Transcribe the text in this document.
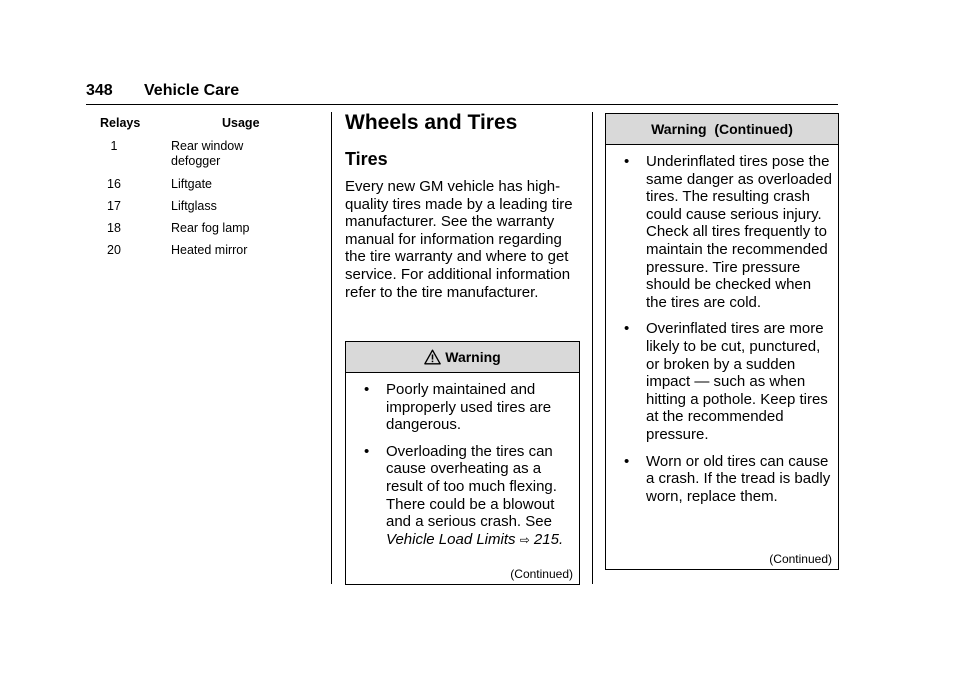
348 Vehicle Care
Relays	Usage
1	Rear window defogger
16	Liftgate
17	Liftglass
18	Rear fog lamp
20	Heated mirror
Wheels and Tires
Tires

Every new GM vehicle has high-quality tires made by a leading tire manufacturer. See the warranty manual for information regarding the tire warranty and where to get service. For additional information refer to the tire manufacturer.

Warning
• Poorly maintained and improperly used tires are dangerous.
• Overloading the tires can cause overheating as a result of too much flexing. There could be a blowout and a serious crash. See Vehicle Load Limits ⇨ 215.
(Continued)
Warning  (Continued)
• Underinflated tires pose the same danger as overloaded tires. The resulting crash could cause serious injury. Check all tires frequently to maintain the recommended pressure. Tire pressure should be checked when the tires are cold.
• Overinflated tires are more likely to be cut, punctured, or broken by a sudden impact — such as when hitting a pothole. Keep tires at the recommended pressure.
• Worn or old tires can cause a crash. If the tread is badly worn, replace them.
(Continued)
